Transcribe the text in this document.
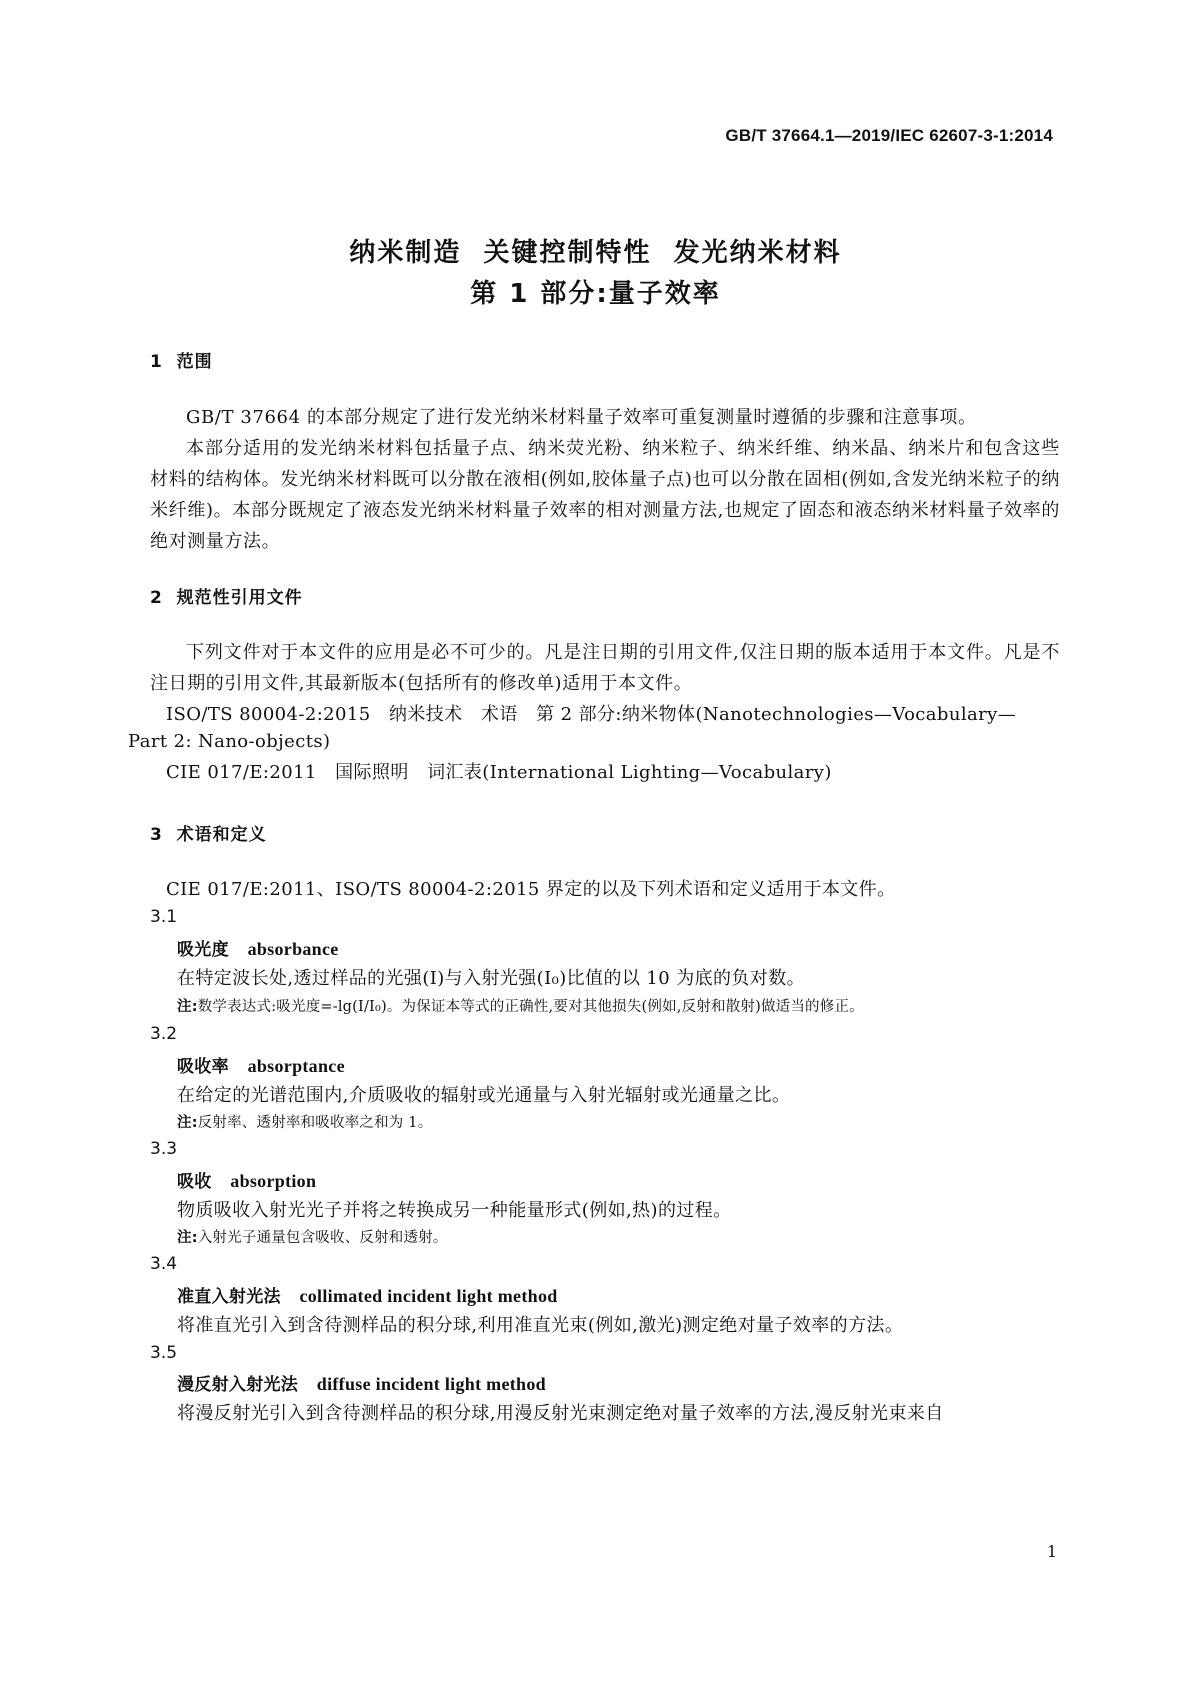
GB/T 37664.1—2019/IEC 62607-3-1:2014
纳米制造  关键控制特性  发光纳米材料
第 1 部分:量子效率
1  范围

GB/T 37664 的本部分规定了进行发光纳米材料量子效率可重复测量时遵循的步骤和注意事项。

本部分适用的发光纳米材料包括量子点、纳米荧光粉、纳米粒子、纳米纤维、纳米晶、纳米片和包含这些材料的结构体。发光纳米材料既可以分散在液相(例如,胶体量子点)也可以分散在固相(例如,含发光纳米粒子的纳米纤维)。本部分既规定了液态发光纳米材料量子效率的相对测量方法,也规定了固态和液态纳米材料量子效率的绝对测量方法。

2  规范性引用文件

下列文件对于本文件的应用是必不可少的。凡是注日期的引用文件,仅注日期的版本适用于本文件。凡是不注日期的引用文件,其最新版本(包括所有的修改单)适用于本文件。

ISO/TS 80004-2:2015   纳米技术   术语   第 2 部分:纳米物体(Nanotechnologies—Vocabulary—
Part 2: Nano-objects)
CIE 017/E:2011   国际照明   词汇表(International Lighting—Vocabulary)
3  术语和定义
CIE 017/E:2011、ISO/TS 80004-2:2015 界定的以及下列术语和定义适用于本文件。
3.1
吸光度 absorbance
在特定波长处,透过样品的光强(I)与入射光强(I₀)比值的以 10 为底的负对数。
注:数学表达式:吸光度=-lg(I/I₀)。为保证本等式的正确性,要对其他损失(例如,反射和散射)做适当的修正。
3.2
吸收率 absorptance
在给定的光谱范围内,介质吸收的辐射或光通量与入射光辐射或光通量之比。
注:反射率、透射率和吸收率之和为 1。
3.3
吸收 absorption
物质吸收入射光光子并将之转换成另一种能量形式(例如,热)的过程。
注:入射光子通量包含吸收、反射和透射。
3.4
准直入射光法 collimated incident light method
将准直光引入到含待测样品的积分球,利用准直光束(例如,激光)测定绝对量子效率的方法。
3.5
漫反射入射光法 diffuse incident light method
将漫反射光引入到含待测样品的积分球,用漫反射光束测定绝对量子效率的方法,漫反射光束来自
1
